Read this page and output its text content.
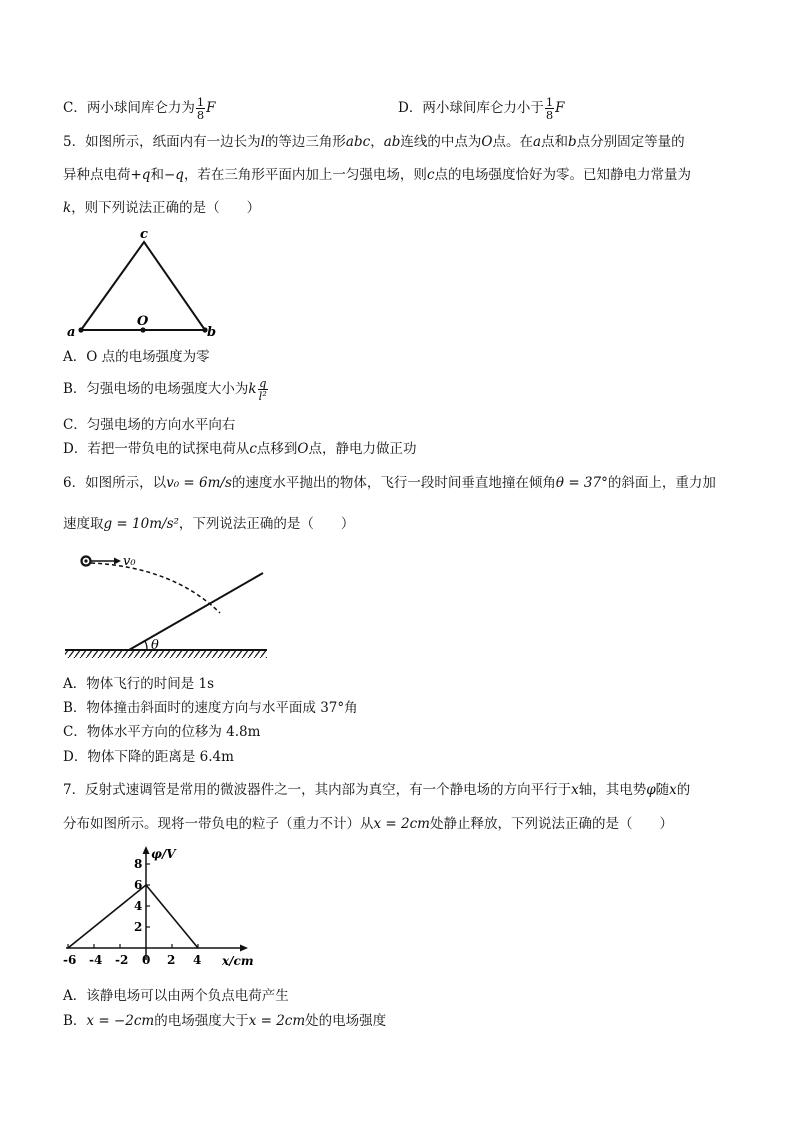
C．两小球间库仑力为 $\frac{1}{8}$ F	D．两小球间库仑力小于 $\frac{1}{8}$ F
5．如图所示，纸面内有一边长为l的等边三角形abc，ab连线的中点为O点。在a点和b点分别固定等量的
异种点电荷+q和−q，若在三角形平面内加上一匀强电场，则c点的电场强度恰好为零。已知静电力常量为
k，则下列说法正确的是（　　）
c
O
a	b
A．O 点的电场强度为零
B．匀强电场的电场强度大小为k $\frac{q}{\text{l²}}$
C．匀强电场的方向水平向右
D．若把一带负电的试探电荷从c点移到O点，静电力做正功
6．如图所示，以v₀ = 6m/s的速度水平抛出的物体，飞行一段时间垂直地撞在倾角θ = 37°的斜面上，重力加
速度取g = 10m/s²，下列说法正确的是（　　）
θ
v₀
A．物体飞行的时间是 1s
B．物体撞击斜面时的速度方向与水平面成 37°角
C．物体水平方向的位移为 4.8m
D．物体下降的距离是 6.4m
7．反射式速调管是常用的微波器件之一，其内部为真空，有一个静电场的方向平行于x轴，其电势φ随x的
分布如图所示。现将一带负电的粒子（重力不计）从x = 2cm处静止释放，下列说法正确的是（　　）
φ/V
x/cm
-6 -4 -2 0 2 4
2
4
6
8
A．该静电场可以由两个负点电荷产生
B．x = −2cm的电场强度大于x = 2cm处的电场强度
